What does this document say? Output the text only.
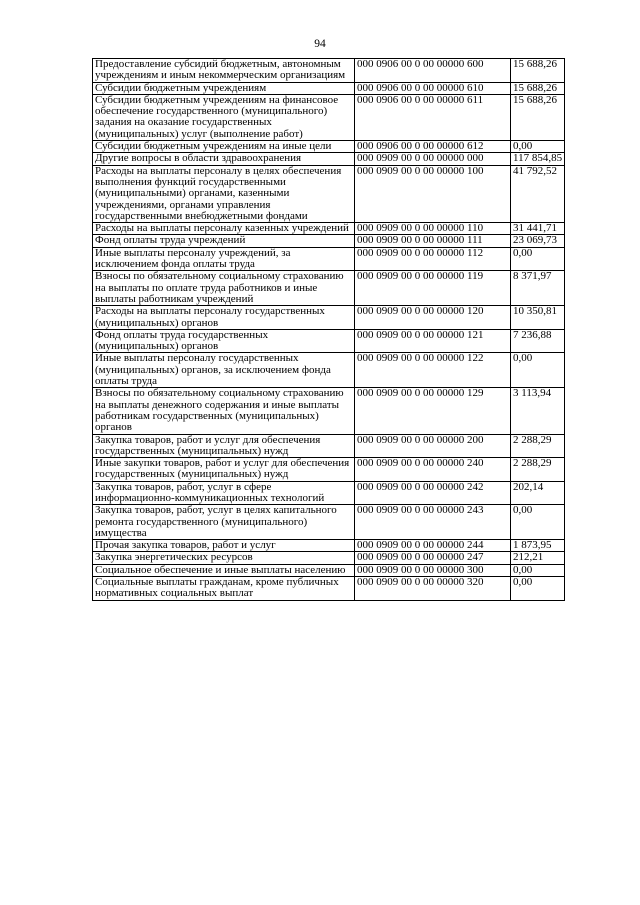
94
Предоставление субсидий бюджетным, автономным учреждениям и иным некоммерческим организациям	000 0906 00 0 00 00000 600	15 688,26
Субсидии бюджетным учреждениям	000 0906 00 0 00 00000 610	15 688,26
Субсидии бюджетным учреждениям на финансовое обеспечение государственного (муниципального) задания на оказание государственных (муниципальных) услуг (выполнение работ)	000 0906 00 0 00 00000 611	15 688,26
Субсидии бюджетным учреждениям на иные цели	000 0906 00 0 00 00000 612	0,00
Другие вопросы в области здравоохранения	000 0909 00 0 00 00000 000	117 854,85
Расходы на выплаты персоналу в целях обеспечения выполнения функций государственными (муниципальными) органами, казенными учреждениями, органами управления государственными внебюджетными фондами	000 0909 00 0 00 00000 100	41 792,52
Расходы на выплаты персоналу казенных учреждений	000 0909 00 0 00 00000 110	31 441,71
Фонд оплаты труда учреждений	000 0909 00 0 00 00000 111	23 069,73
Иные выплаты персоналу учреждений, за исключением фонда оплаты труда	000 0909 00 0 00 00000 112	0,00
Взносы по обязательному социальному страхованию на выплаты по оплате труда работников и иные выплаты работникам учреждений	000 0909 00 0 00 00000 119	8 371,97
Расходы на выплаты персоналу государственных (муниципальных) органов	000 0909 00 0 00 00000 120	10 350,81
Фонд оплаты труда государственных (муниципальных) органов	000 0909 00 0 00 00000 121	7 236,88
Иные выплаты персоналу государственных (муниципальных) органов, за исключением фонда оплаты труда	000 0909 00 0 00 00000 122	0,00
Взносы по обязательному социальному страхованию на выплаты денежного содержания и иные выплаты работникам государственных (муниципальных) органов	000 0909 00 0 00 00000 129	3 113,94
Закупка товаров, работ и услуг для обеспечения государственных (муниципальных) нужд	000 0909 00 0 00 00000 200	2 288,29
Иные закупки товаров, работ и услуг для обеспечения государственных (муниципальных) нужд	000 0909 00 0 00 00000 240	2 288,29
Закупка товаров, работ, услуг в сфере информационно-коммуникационных технологий	000 0909 00 0 00 00000 242	202,14
Закупка товаров, работ, услуг в целях капитального ремонта государственного (муниципального) имущества	000 0909 00 0 00 00000 243	0,00
Прочая закупка товаров, работ и услуг	000 0909 00 0 00 00000 244	1 873,95
Закупка энергетических ресурсов	000 0909 00 0 00 00000 247	212,21
Социальное обеспечение и иные выплаты населению	000 0909 00 0 00 00000 300	0,00
Социальные выплаты гражданам, кроме публичных нормативных социальных выплат	000 0909 00 0 00 00000 320	0,00
